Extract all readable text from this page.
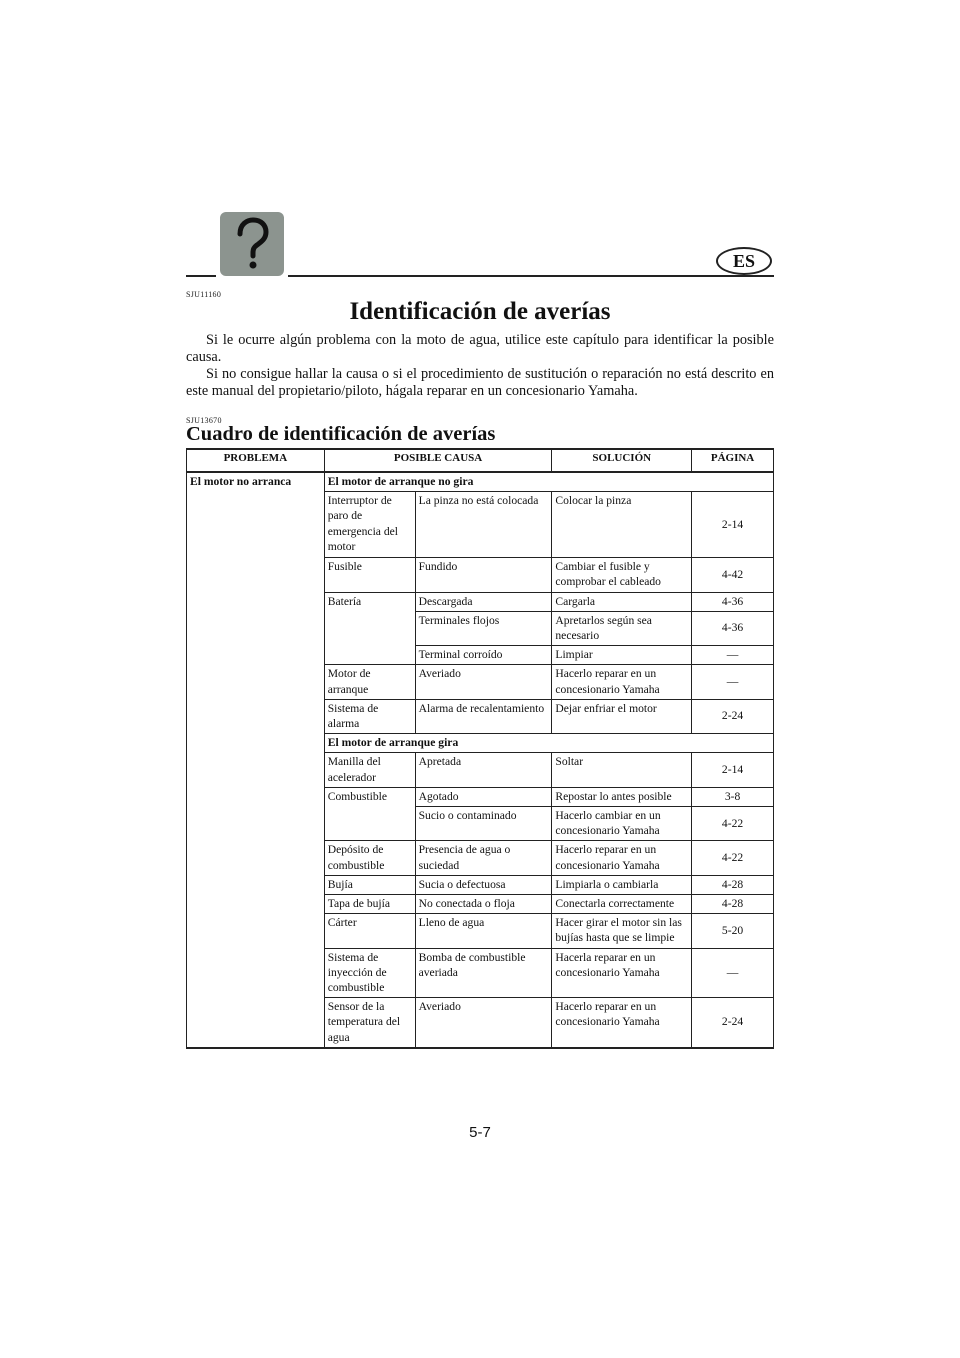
ES
SJU11160
Identificación de averías

Si le ocurre algún problema con la moto de agua, utilice este capítulo para identificar la posible causa.

Si no consigue hallar la causa o si el procedimiento de sustitución o reparación no está descrito en este manual del propietario/piloto, hágala reparar en un concesionario Yamaha.

SJU13670
Cuadro de identificación de averías
PROBLEMA	POSIBLE CAUSA		SOLUCIÓN	PÁGINA
El motor no arranca	El motor de arranque no gira			
	Interruptor de paro de emergencia del motor	La pinza no está colocada	Colocar la pinza	2-14
	Fusible	Fundido	Cambiar el fusible y comprobar el cableado	4-42
	Batería	Descargada	Cargarla	4-36
		Terminales flojos	Apretarlos según sea necesario	4-36
		Terminal corroído	Limpiar	—
	Motor de arranque	Averiado	Hacerlo reparar en un concesionario Yamaha	—
	Sistema de alarma	Alarma de recalentamiento	Dejar enfriar el motor	2-24
	El motor de arranque gira			
	Manilla del acelerador	Apretada	Soltar	2-14
	Combustible	Agotado	Repostar lo antes posible	3-8
		Sucio o contaminado	Hacerlo cambiar en un concesionario Yamaha	4-22
	Depósito de combustible	Presencia de agua o suciedad	Hacerlo reparar en un concesionario Yamaha	4-22
	Bujía	Sucia o defectuosa	Limpiarla o cambiarla	4-28
	Tapa de bujía	No conectada o floja	Conectarla correctamente	4-28
	Cárter	Lleno de agua	Hacer girar el motor sin las bujías hasta que se limpie	5-20
	Sistema de inyección de combustible	Bomba de combustible averiada	Hacerla reparar en un concesionario Yamaha	—
	Sensor de la temperatura del agua	Averiado	Hacerlo reparar en un concesionario Yamaha	2-24
5-7
